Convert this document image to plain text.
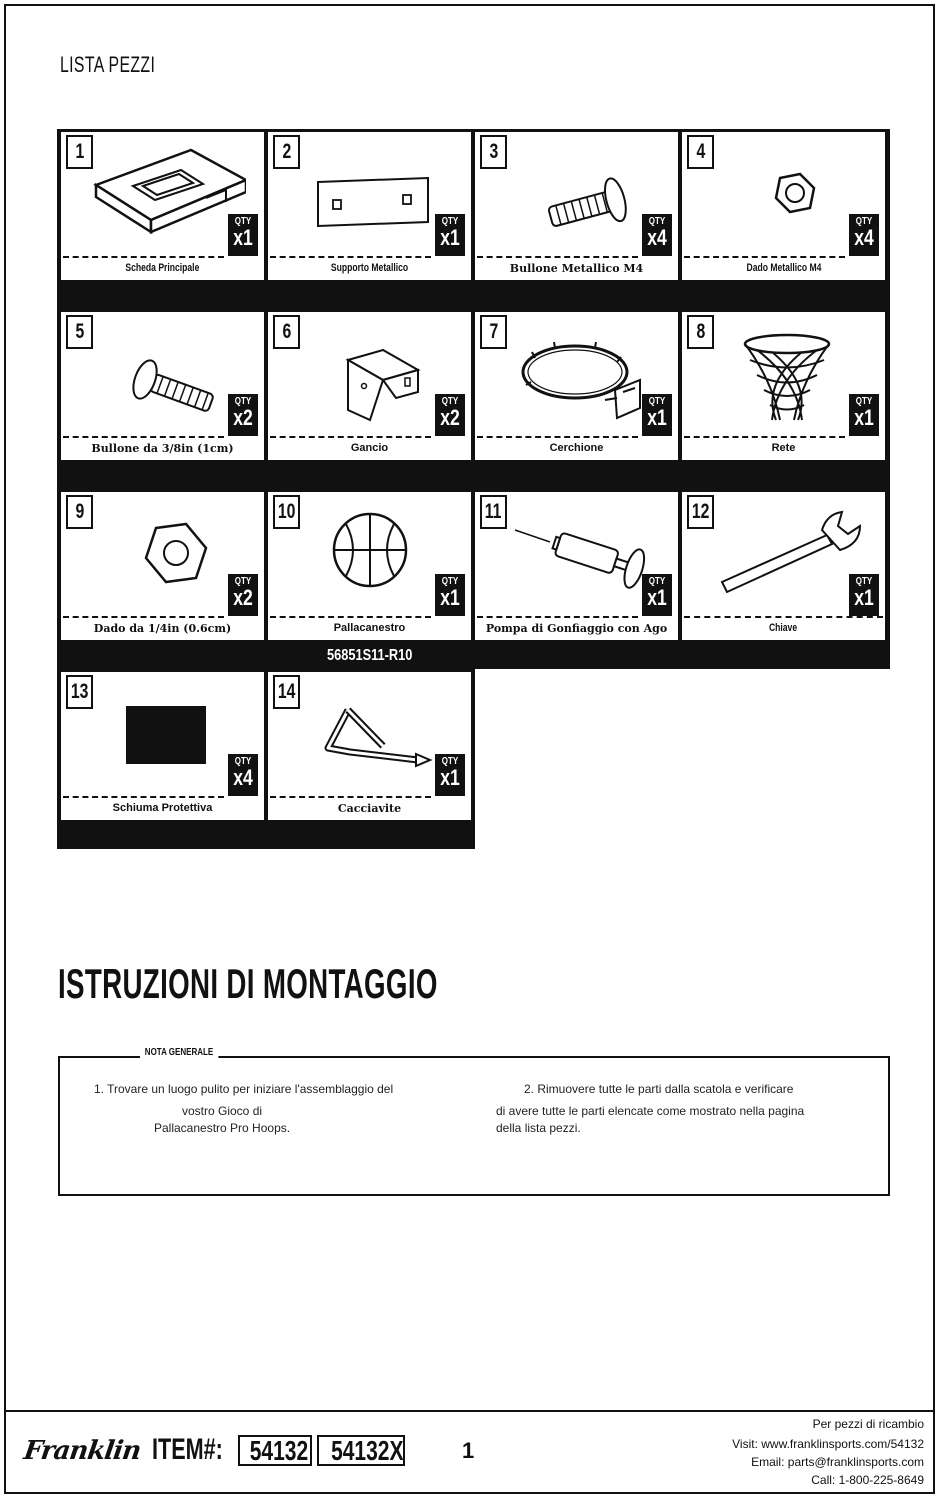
LISTA PEZZI
1
QTY
x1
Scheda Principale
2
QTY
x1
Supporto Metallico
3
QTY
x4
Bullone Metallico M4
4
QTY
x4
Dado Metallico M4
5
QTY
x2
Bullone da 3/8in (1cm)
6
QTY
x2
Gancio
7
QTY
x1
Cerchione
8
QTY
x1
Rete
9
QTY
x2
Dado da 1/4in (0.6cm)
10
QTY
x1
Pallacanestro
11
QTY
x1
Pompa di Gonfiaggio con Ago
12
QTY
x1
Chiave
56851S11-R10
13
QTY
x4
Schiuma Protettiva
14
QTY
x1
Cacciavite
ISTRUZIONI DI MONTAGGIO
NOTA GENERALE
1. Trovare un luogo pulito per iniziare l'assemblaggio del
vostro Gioco di
Pallacanestro Pro Hoops.
2. Rimuovere tutte le parti dalla scatola e verificare
di avere tutte le parti elencate come mostrato nella pagina
della lista pezzi.
Franklin ITEM#: 54132 54132X	1
Per pezzi di ricambio
Visit: www.franklinsports.com/54132
Email: parts@franklinsports.com
Call: 1-800-225-8649
